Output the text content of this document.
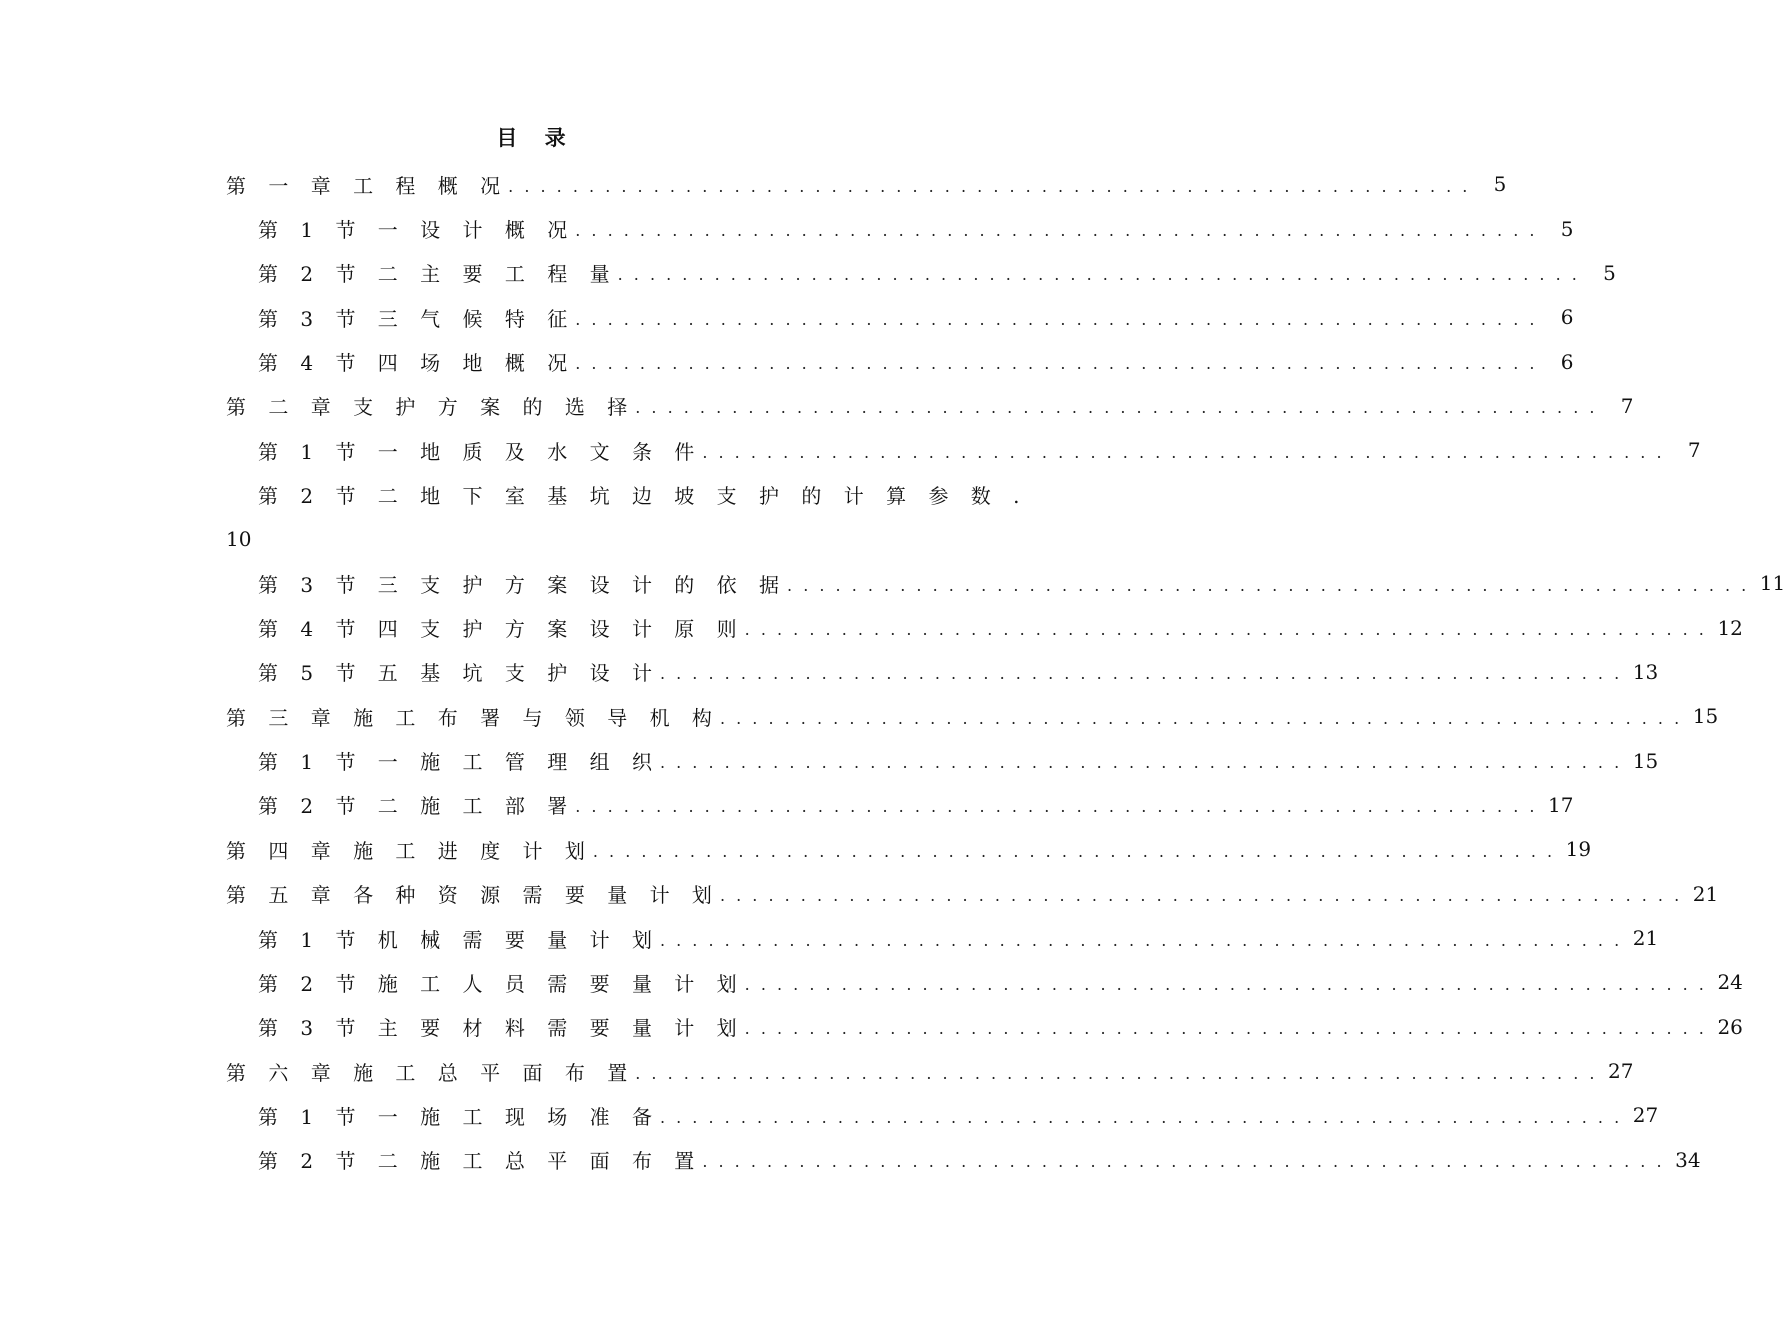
目 录
第 一 章 工 程 概 况 . . . . . . . . . . . . . . . . . . . . . . . . . . . . . . . . . . . . . . . . . . . . . . . . . . . . . . . . . . . .	5
第 1 节 一 设 计 概 况 . . . . . . . . . . . . . . . . . . . . . . . . . . . . . . . . . . . . . . . . . . . . . . . . . . . . . . . . . . . .	5
第 2 节 二 主 要 工 程 量 . . . . . . . . . . . . . . . . . . . . . . . . . . . . . . . . . . . . . . . . . . . . . . . . . . . . . . . . . . . .	5
第 3 节 三 气 候 特 征 . . . . . . . . . . . . . . . . . . . . . . . . . . . . . . . . . . . . . . . . . . . . . . . . . . . . . . . . . . . .	6
第 4 节 四 场 地 概 况 . . . . . . . . . . . . . . . . . . . . . . . . . . . . . . . . . . . . . . . . . . . . . . . . . . . . . . . . . . . .	6
第 二 章 支 护 方 案 的 选 择 . . . . . . . . . . . . . . . . . . . . . . . . . . . . . . . . . . . . . . . . . . . . . . . . . . . . . . . . . . . .	7
第 1 节 一 地 质 及 水 文 条 件 . . . . . . . . . . . . . . . . . . . . . . . . . . . . . . . . . . . . . . . . . . . . . . . . . . . . . . . . . . . .	7
第 2 节 二 地 下 室 基 坑 边 坡 支 护 的 计 算 参 数 .
10
第 3 节 三 支 护 方 案 设 计 的 依 据 . . . . . . . . . . . . . . . . . . . . . . . . . . . . . . . . . . . . . . . . . . . . . . . . . . . . . . . . . . . . 11
第 4 节 四 支 护 方 案 设 计 原 则 . . . . . . . . . . . . . . . . . . . . . . . . . . . . . . . . . . . . . . . . . . . . . . . . . . . . . . . . . . . . 12
第 5 节 五 基 坑 支 护 设 计 . . . . . . . . . . . . . . . . . . . . . . . . . . . . . . . . . . . . . . . . . . . . . . . . . . . . . . . . . . . . 13
第 三 章 施 工 布 署 与 领 导 机 构 . . . . . . . . . . . . . . . . . . . . . . . . . . . . . . . . . . . . . . . . . . . . . . . . . . . . . . . . . . . . 15
第 1 节 一 施 工 管 理 组 织 . . . . . . . . . . . . . . . . . . . . . . . . . . . . . . . . . . . . . . . . . . . . . . . . . . . . . . . . . . . . 15
第 2 节 二 施 工 部 署 . . . . . . . . . . . . . . . . . . . . . . . . . . . . . . . . . . . . . . . . . . . . . . . . . . . . . . . . . . . . 17
第 四 章 施 工 进 度 计 划 . . . . . . . . . . . . . . . . . . . . . . . . . . . . . . . . . . . . . . . . . . . . . . . . . . . . . . . . . . . . 19
第 五 章 各 种 资 源 需 要 量 计 划 . . . . . . . . . . . . . . . . . . . . . . . . . . . . . . . . . . . . . . . . . . . . . . . . . . . . . . . . . . . . 21
第 1 节 机 械 需 要 量 计 划 . . . . . . . . . . . . . . . . . . . . . . . . . . . . . . . . . . . . . . . . . . . . . . . . . . . . . . . . . . . . 21
第 2 节 施 工 人 员 需 要 量 计 划 . . . . . . . . . . . . . . . . . . . . . . . . . . . . . . . . . . . . . . . . . . . . . . . . . . . . . . . . . . . . 24
第 3 节 主 要 材 料 需 要 量 计 划 . . . . . . . . . . . . . . . . . . . . . . . . . . . . . . . . . . . . . . . . . . . . . . . . . . . . . . . . . . . . 26
第 六 章 施 工 总 平 面 布 置 . . . . . . . . . . . . . . . . . . . . . . . . . . . . . . . . . . . . . . . . . . . . . . . . . . . . . . . . . . . . 27
第 1 节 一 施 工 现 场 准 备 . . . . . . . . . . . . . . . . . . . . . . . . . . . . . . . . . . . . . . . . . . . . . . . . . . . . . . . . . . . . 27
第 2 节 二 施 工 总 平 面 布 置 . . . . . . . . . . . . . . . . . . . . . . . . . . . . . . . . . . . . . . . . . . . . . . . . . . . . . . . . . . . . 34
